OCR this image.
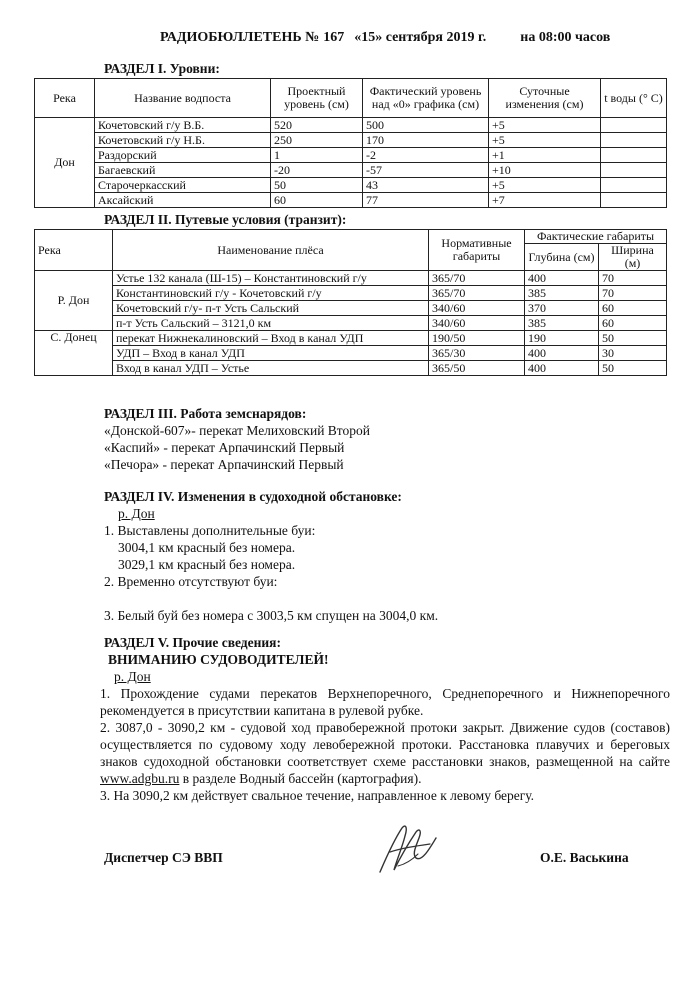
РАДИОБЮЛЛЕТЕНЬ № 167 «15» сентября 2019 г. на 08:00 часов
РАЗДЕЛ I. Уровни:
Река	Название водпоста	Проектный уровень (см)	Фактический уровень над «0» графика (см)	Суточные изменения (см)	t воды (° C)
Дон	Кочетовский г/у В.Б.	520	500	+5	
	Кочетовский г/у Н.Б.	250	170	+5	
	Раздорский	1	-2	+1	
	Багаевский	-20	-57	+10	
	Старочеркасский	50	43	+5	
	Аксайский	60	77	+7	
РАЗДЕЛ II. Путевые условия (транзит):
Река	Наименование плёса	Нормативные габариты	Фактические габариты	
			Глубина (см)	Ширина (м)
Р. Дон	Устье 132 канала (Ш-15) – Константиновский г/у	365/70	400	70
	Константиновский г/у - Кочетовский г/у	365/70	385	70
	Кочетовский г/у- п-т Усть Сальский	340/60	370	60
	п-т Усть Сальский – 3121,0 км	340/60	385	60
С. Донец	перекат Нижнекалиновский – Вход в канал УДП	190/50	190	50
	УДП – Вход в канал УДП	365/30	400	30
	Вход в канал УДП – Устье	365/50	400	50
РАЗДЕЛ III. Работа земснарядов:
«Донской-607»- перекат Мелиховский Второй
«Каспий» - перекат Арпачинский Первый
«Печора» - перекат Арпачинский Первый
РАЗДЕЛ IV. Изменения в судоходной обстановке:
р. Дон
1. Выставлены дополнительные буи:
3004,1 км красный без номера.
3029,1 км красный без номера.
2. Временно отсутствуют буи:
3. Белый буй без номера с 3003,5 км спущен на 3004,0 км.
РАЗДЕЛ V. Прочие сведения:
ВНИМАНИЮ СУДОВОДИТЕЛЕЙ!
р. Дон
1. Прохождение судами перекатов Верхнепоречного, Среднепоречного и Нижнепоречного рекомендуется в присутствии капитана в рулевой рубке.
2. 3087,0 - 3090,2 км - судовой ход правобережной протоки закрыт. Движение судов (составов) осуществляется по судовому ходу левобережной протоки. Расстановка плавучих и береговых знаков судоходной обстановки соответствует схеме расстановки знаков, размещенной на сайте www.adgbu.ru в разделе Водный бассейн (картография).
3. На 3090,2 км действует свальное течение, направленное к левому берегу.
Диспетчер СЭ ВВП	О.Е. Васькина
